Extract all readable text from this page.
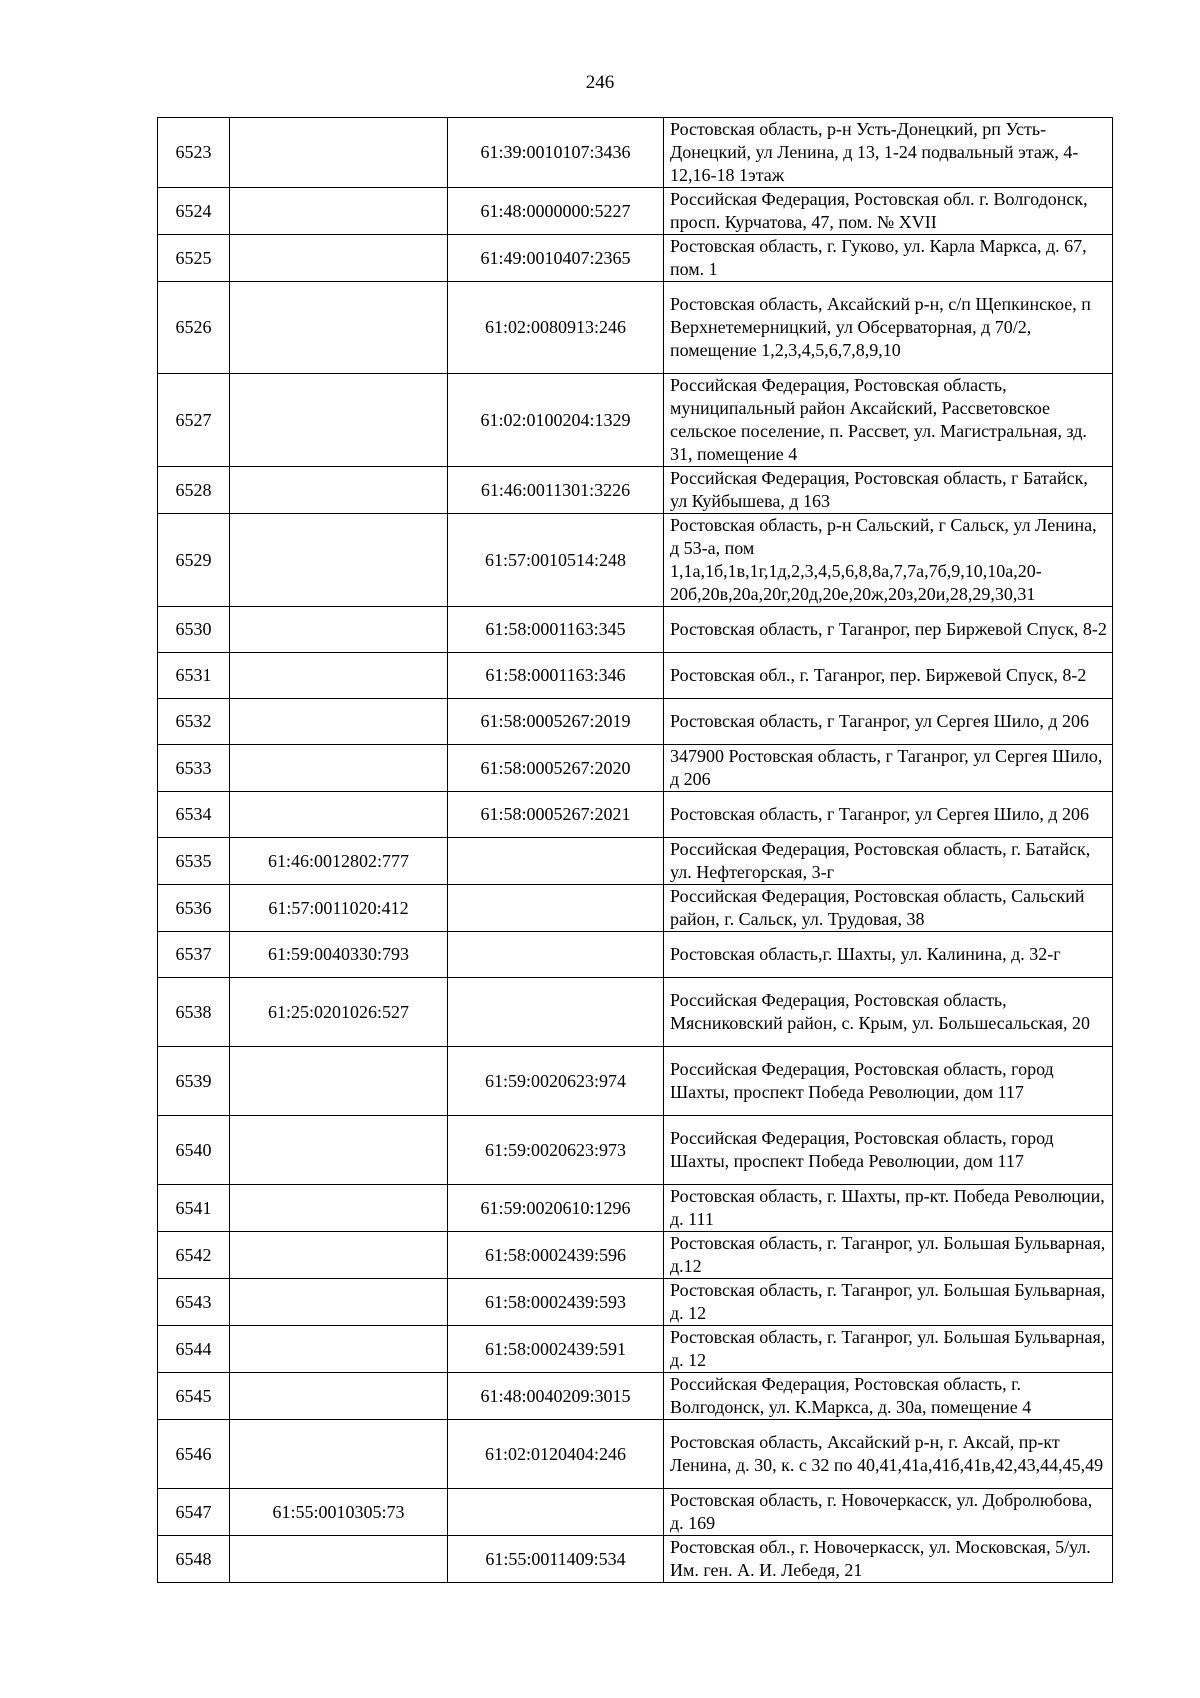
246
6523		61:39:0010107:3436	Ростовская область, р-н Усть-Донецкий, рп Усть-Донецкий, ул Ленина, д 13, 1-24 подвальный этаж, 4-12,16-18 1этаж
6524		61:48:0000000:5227	Российская Федерация, Ростовская обл. г. Волгодонск, просп. Курчатова, 47, пом. № XVII
6525		61:49:0010407:2365	Ростовская область, г. Гуково, ул. Карла Маркса, д. 67, пом. 1
6526		61:02:0080913:246	Ростовская область, Аксайский р-н, с/п Щепкинское, п Верхнетемерницкий, ул Обсерваторная, д 70/2, помещение 1,2,3,4,5,6,7,8,9,10
6527		61:02:0100204:1329	Российская Федерация, Ростовская область, муниципальный район Аксайский, Рассветовское сельское поселение, п. Рассвет, ул. Магистральная, зд. 31, помещение 4
6528		61:46:0011301:3226	Российская Федерация, Ростовская область, г Батайск, ул Куйбышева, д 163
6529		61:57:0010514:248	Ростовская область, р-н Сальский, г Сальск, ул Ленина, д 53-а, пом 1,1а,1б,1в,1г,1д,2,3,4,5,6,8,8а,7,7а,7б,9,10,10а,20-20б,20в,20а,20г,20д,20е,20ж,20з,20и,28,29,30,31
6530		61:58:0001163:345	Ростовская область, г Таганрог, пер Биржевой Спуск, 8-2
6531		61:58:0001163:346	Ростовская обл., г. Таганрог, пер. Биржевой Спуск, 8-2
6532		61:58:0005267:2019	Ростовская область, г Таганрог, ул Сергея Шило, д 206
6533		61:58:0005267:2020	347900 Ростовская область, г Таганрог, ул Сергея Шило, д 206
6534		61:58:0005267:2021	Ростовская область, г Таганрог, ул Сергея Шило, д 206
6535	61:46:0012802:777		Российская Федерация, Ростовская область, г. Батайск, ул. Нефтегорская, 3-г
6536	61:57:0011020:412		Российская Федерация, Ростовская область, Сальский район, г. Сальск, ул. Трудовая, 38
6537	61:59:0040330:793		Ростовская область,г. Шахты, ул. Калинина, д. 32-г
6538	61:25:0201026:527		Российская Федерация, Ростовская область, Мясниковский район, с. Крым, ул. Большесальская, 20
6539		61:59:0020623:974	Российская Федерация, Ростовская область, город Шахты, проспект Победа Революции, дом 117
6540		61:59:0020623:973	Российская Федерация, Ростовская область, город Шахты, проспект Победа Революции, дом 117
6541		61:59:0020610:1296	Ростовская область, г. Шахты, пр-кт. Победа Революции, д. 111
6542		61:58:0002439:596	Ростовская область, г. Таганрог, ул. Большая Бульварная, д.12
6543		61:58:0002439:593	Ростовская область, г. Таганрог, ул. Большая Бульварная, д. 12
6544		61:58:0002439:591	Ростовская область, г. Таганрог, ул. Большая Бульварная, д. 12
6545		61:48:0040209:3015	Российская Федерация, Ростовская область, г. Волгодонск, ул. К.Маркса, д. 30а, помещение 4
6546		61:02:0120404:246	Ростовская область, Аксайский р-н, г. Аксай, пр-кт Ленина, д. 30, к. с 32 по 40,41,41а,41б,41в,42,43,44,45,49
6547	61:55:0010305:73		Ростовская область, г. Новочеркасск, ул. Добролюбова, д. 169
6548		61:55:0011409:534	Ростовская обл., г. Новочеркасск, ул. Московская, 5/ул. Им. ген. А. И. Лебедя, 21
